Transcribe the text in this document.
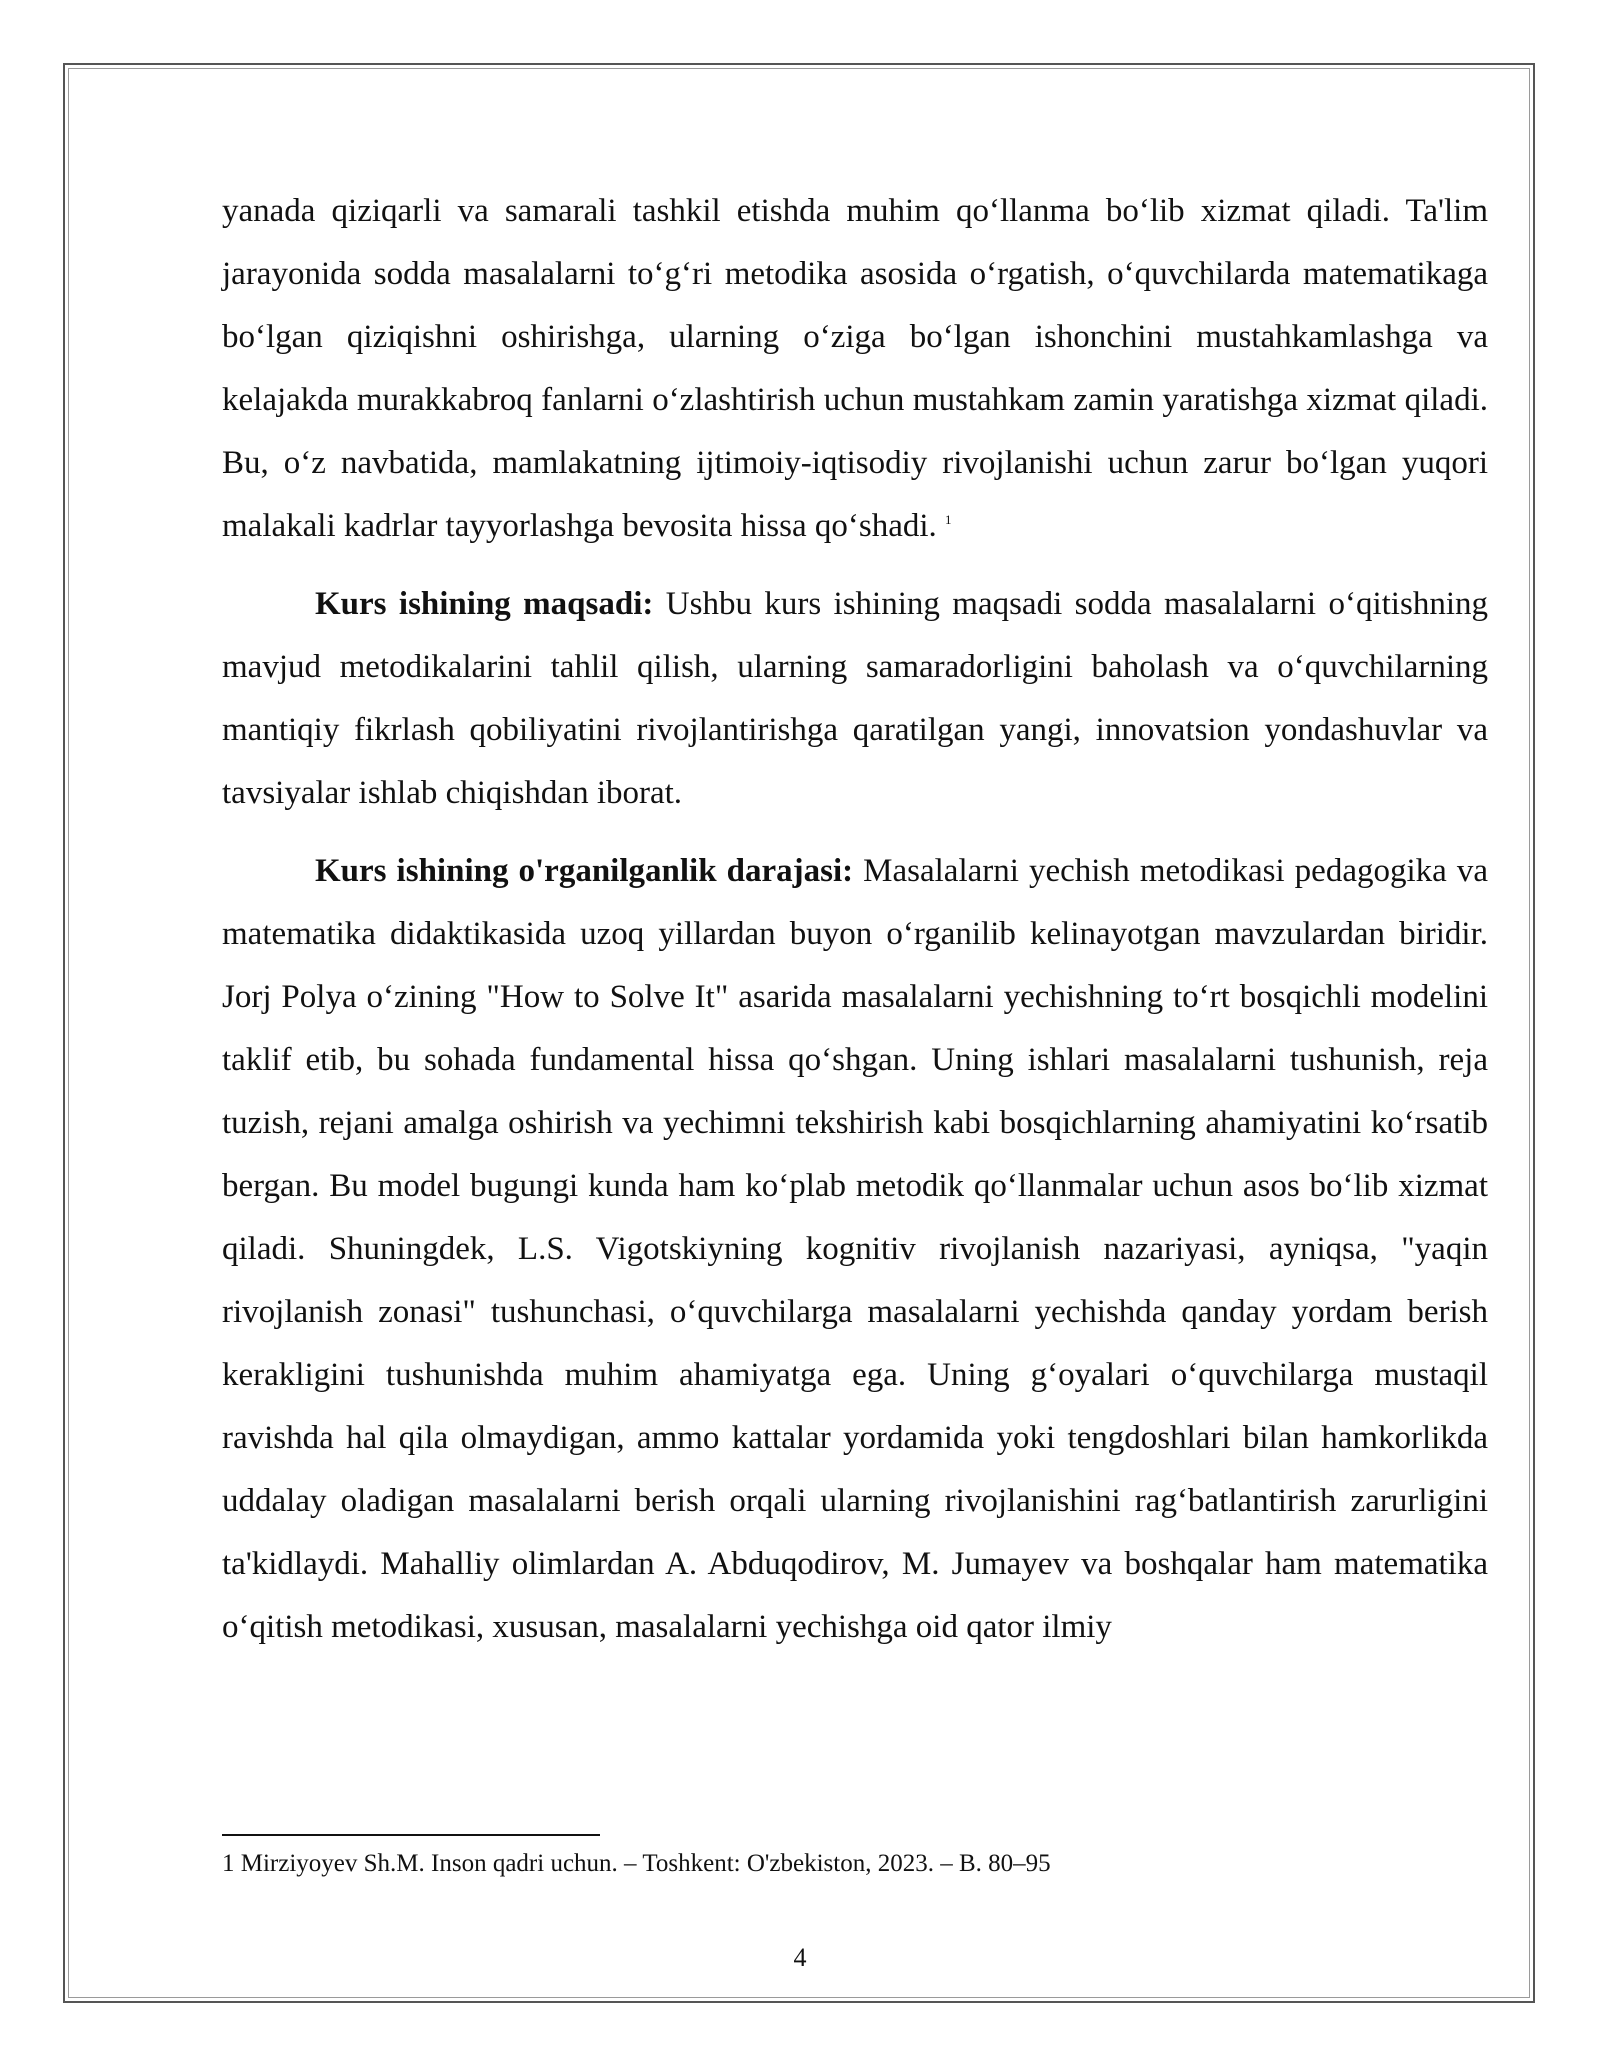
yanada qiziqarli va samarali tashkil etishda muhim qoʻllanma boʻlib xizmat qiladi. Ta'lim jarayonida sodda masalalarni toʻgʻri metodika asosida oʻrgatish, oʻquvchilarda matematikaga boʻlgan qiziqishni oshirishga, ularning oʻziga boʻlgan ishonchini mustahkamlashga va kelajakda murakkabroq fanlarni oʻzlashtirish uchun mustahkam zamin yaratishga xizmat qiladi. Bu, oʻz navbatida, mamlakatning ijtimoiy-iqtisodiy rivojlanishi uchun zarur boʻlgan yuqori malakali kadrlar tayyorlashga bevosita hissa qoʻshadi. $^1$

Kurs ishining maqsadi: Ushbu kurs ishining maqsadi sodda masalalarni oʻqitishning mavjud metodikalarini tahlil qilish, ularning samaradorligini baholash va oʻquvchilarning mantiqiy fikrlash qobiliyatini rivojlantirishga qaratilgan yangi, innovatsion yondashuvlar va tavsiyalar ishlab chiqishdan iborat.

Kurs ishining o'rganilganlik darajasi: Masalalarni yechish metodikasi pedagogika va matematika didaktikasida uzoq yillardan buyon oʻrganilib kelinayotgan mavzulardan biridir. Jorj Polya oʻzining "How to Solve It" asarida masalalarni yechishning toʻrt bosqichli modelini taklif etib, bu sohada fundamental hissa qoʻshgan. Uning ishlari masalalarni tushunish, reja tuzish, rejani amalga oshirish va yechimni tekshirish kabi bosqichlarning ahamiyatini koʻrsatib bergan. Bu model bugungi kunda ham koʻplab metodik qoʻllanmalar uchun asos boʻlib xizmat qiladi. Shuningdek, L.S. Vigotskiyning kognitiv rivojlanish nazariyasi, ayniqsa, "yaqin rivojlanish zonasi" tushunchasi, oʻquvchilarga masalalarni yechishda qanday yordam berish kerakligini tushunishda muhim ahamiyatga ega. Uning gʻoyalari oʻquvchilarga mustaqil ravishda hal qila olmaydigan, ammo kattalar yordamida yoki tengdoshlari bilan hamkorlikda uddalay oladigan masalalarni berish orqali ularning rivojlanishini ragʻbatlantirish zarurligini ta'kidlaydi. Mahalliy olimlardan A. Abduqodirov, M. Jumayev va boshqalar ham matematika oʻqitish metodikasi, xususan, masalalarni yechishga oid qator ilmiy

1 Mirziyoyev Sh.M. Inson qadri uchun. – Toshkent: O'zbekiston, 2023. – B. 80–95

4
